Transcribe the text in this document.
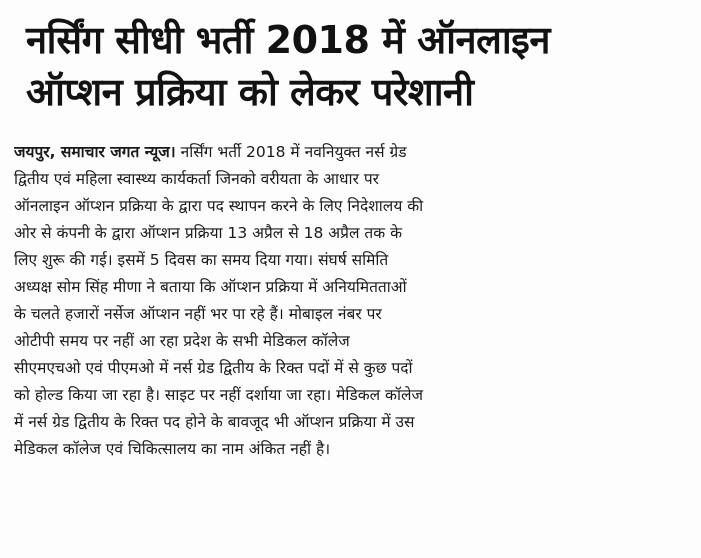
नर्सिंग सीधी भर्ती 2018 में ऑनलाइन
ऑप्शन प्रक्रिया को लेकर परेशानी
जयपुर, समाचार जगत न्यूज। नर्सिंग भर्ती 2018 में नवनियुक्त नर्स ग्रेड
द्वितीय एवं महिला स्वास्थ्य कार्यकर्ता जिनको वरीयता के आधार पर
ऑनलाइन ऑप्शन प्रक्रिया के द्वारा पद स्थापन करने के लिए निदेशालय की
ओर से कंपनी के द्वारा ऑप्शन प्रक्रिया 13 अप्रैल से 18 अप्रैल तक के
लिए शुरू की गई। इसमें 5 दिवस का समय दिया गया। संघर्ष समिति
अध्यक्ष सोम सिंह मीणा ने बताया कि ऑप्शन प्रक्रिया में अनियमितताओं
के चलते हजारों नर्सेज ऑप्शन नहीं भर पा रहे हैं। मोबाइल नंबर पर
ओटीपी समय पर नहीं आ रहा प्रदेश के सभी मेडिकल कॉलेज
सीएमएचओ एवं पीएमओ में नर्स ग्रेड द्वितीय के रिक्त पदों में से कुछ पदों
को होल्ड किया जा रहा है। साइट पर नहीं दर्शाया जा रहा। मेडिकल कॉलेज
में नर्स ग्रेड द्वितीय के रिक्त पद होने के बावजूद भी ऑप्शन प्रक्रिया में उस
मेडिकल कॉलेज एवं चिकित्सालय का नाम अंकित नहीं है।
